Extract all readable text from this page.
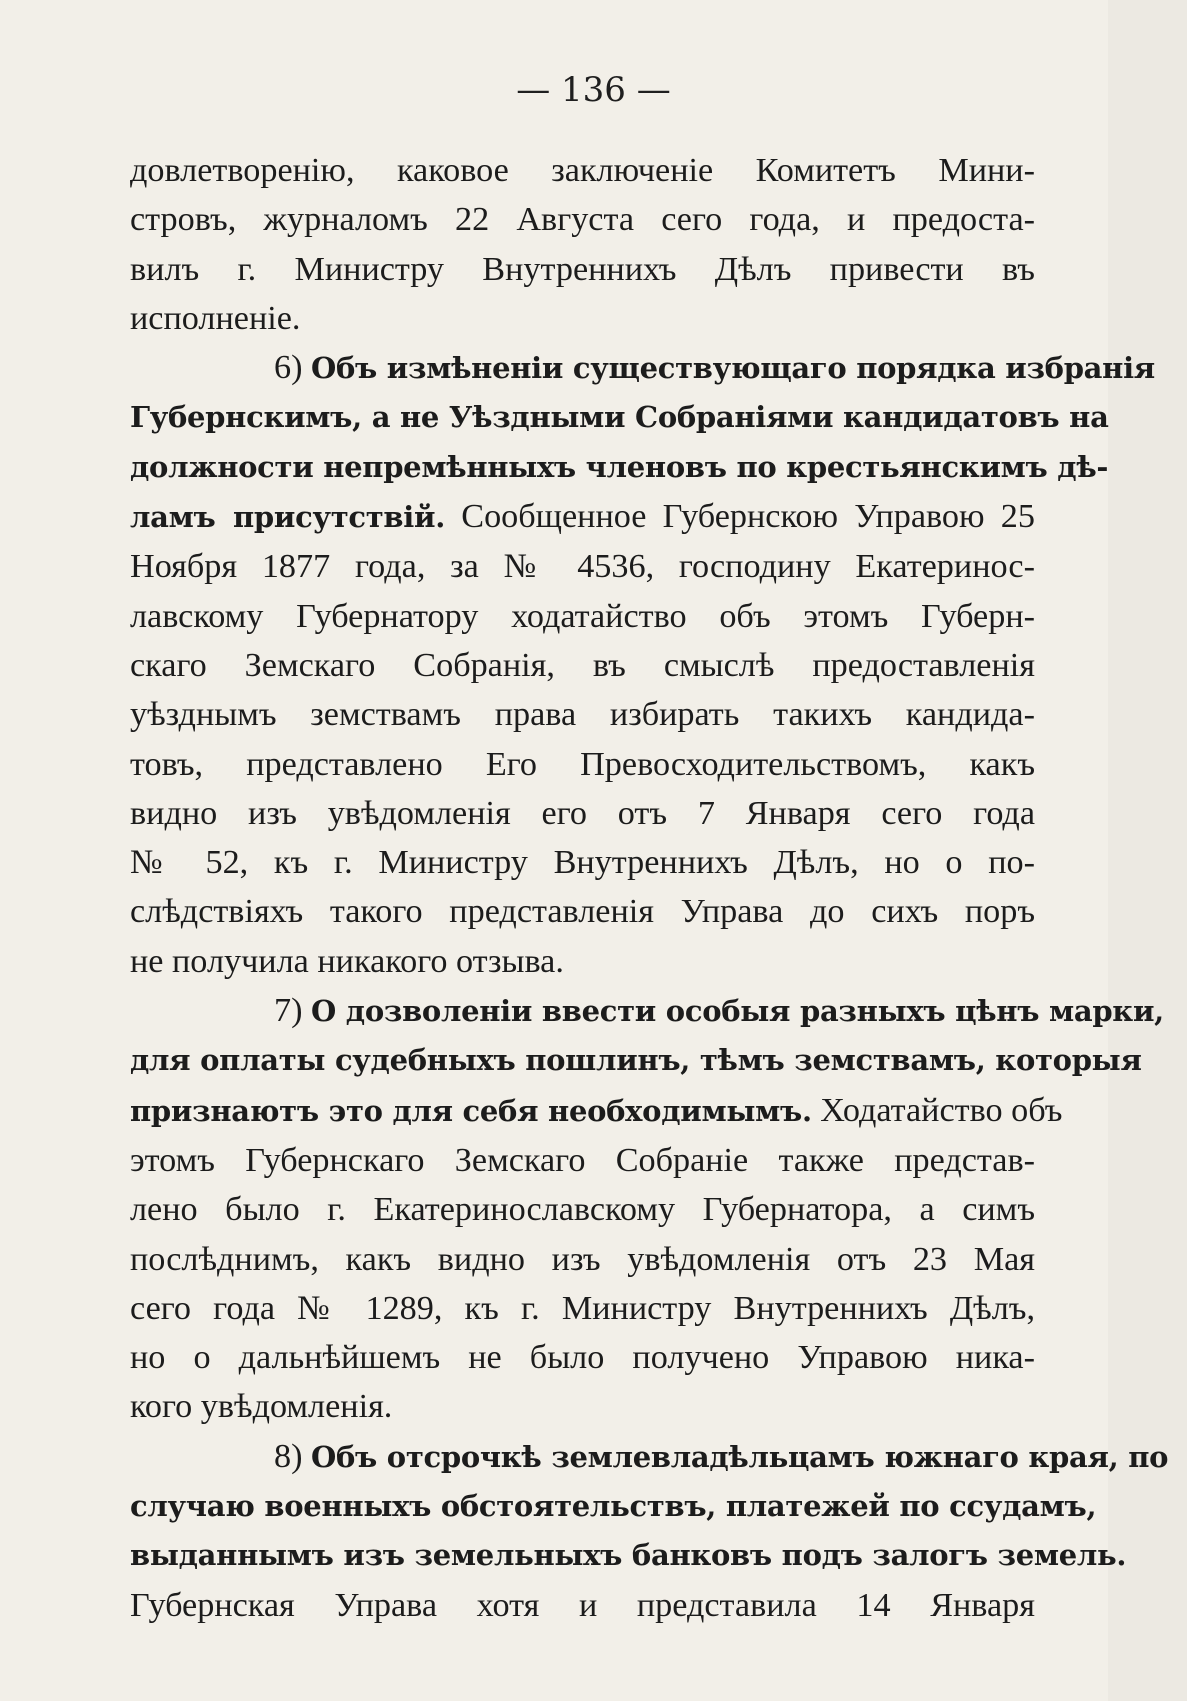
— 136 —
довлетворенію, каковое заключеніе Комитетъ Мини-
стровъ, журналомъ 22 Августа сего года, и предоста-
вилъ г. Министру Внутреннихъ Дѣлъ привести въ
исполненіе.
6) Объ измѣненіи существующаго порядка избранія
Губернскимъ, а не Уѣздными Собраніями кандидатовъ на
должности непремѣнныхъ членовъ по крестьянскимъ дѣ-
ламъ присутствій. Сообщенное Губернскою Управою 25
Ноября 1877 года, за № 4536, господину Екатеринос-
лавскому Губернатору ходатайство объ этомъ Губерн-
скаго Земскаго Собранія, въ смыслѣ предоставленія
уѣзднымъ земствамъ права избирать такихъ кандида-
товъ, представлено Его Превосходительствомъ, какъ
видно изъ увѣдомленія его отъ 7 Января сего года
№ 52, къ г. Министру Внутреннихъ Дѣлъ, но о по-
слѣдствіяхъ такого представленія Управа до сихъ поръ
не получила никакого отзыва.
7) О дозволеніи ввести особыя разныхъ цѣнъ марки,
для оплаты судебныхъ пошлинъ, тѣмъ земствамъ, которыя
признаютъ это для себя необходимымъ. Ходатайство объ
этомъ Губернскаго Земскаго Собраніе также представ-
лено было г. Екатеринославскому Губернатора, а симъ
послѣднимъ, какъ видно изъ увѣдомленія отъ 23 Мая
сего года № 1289, къ г. Министру Внутреннихъ Дѣлъ,
но о дальнѣйшемъ не было получено Управою ника-
кого увѣдомленія.
8) Объ отсрочкѣ землевладѣльцамъ южнаго края, по
случаю военныхъ обстоятельствъ, платежей по ссудамъ,
выданнымъ изъ земельныхъ банковъ подъ залогъ земель.
Губернская Управа хотя и представила 14 Января
